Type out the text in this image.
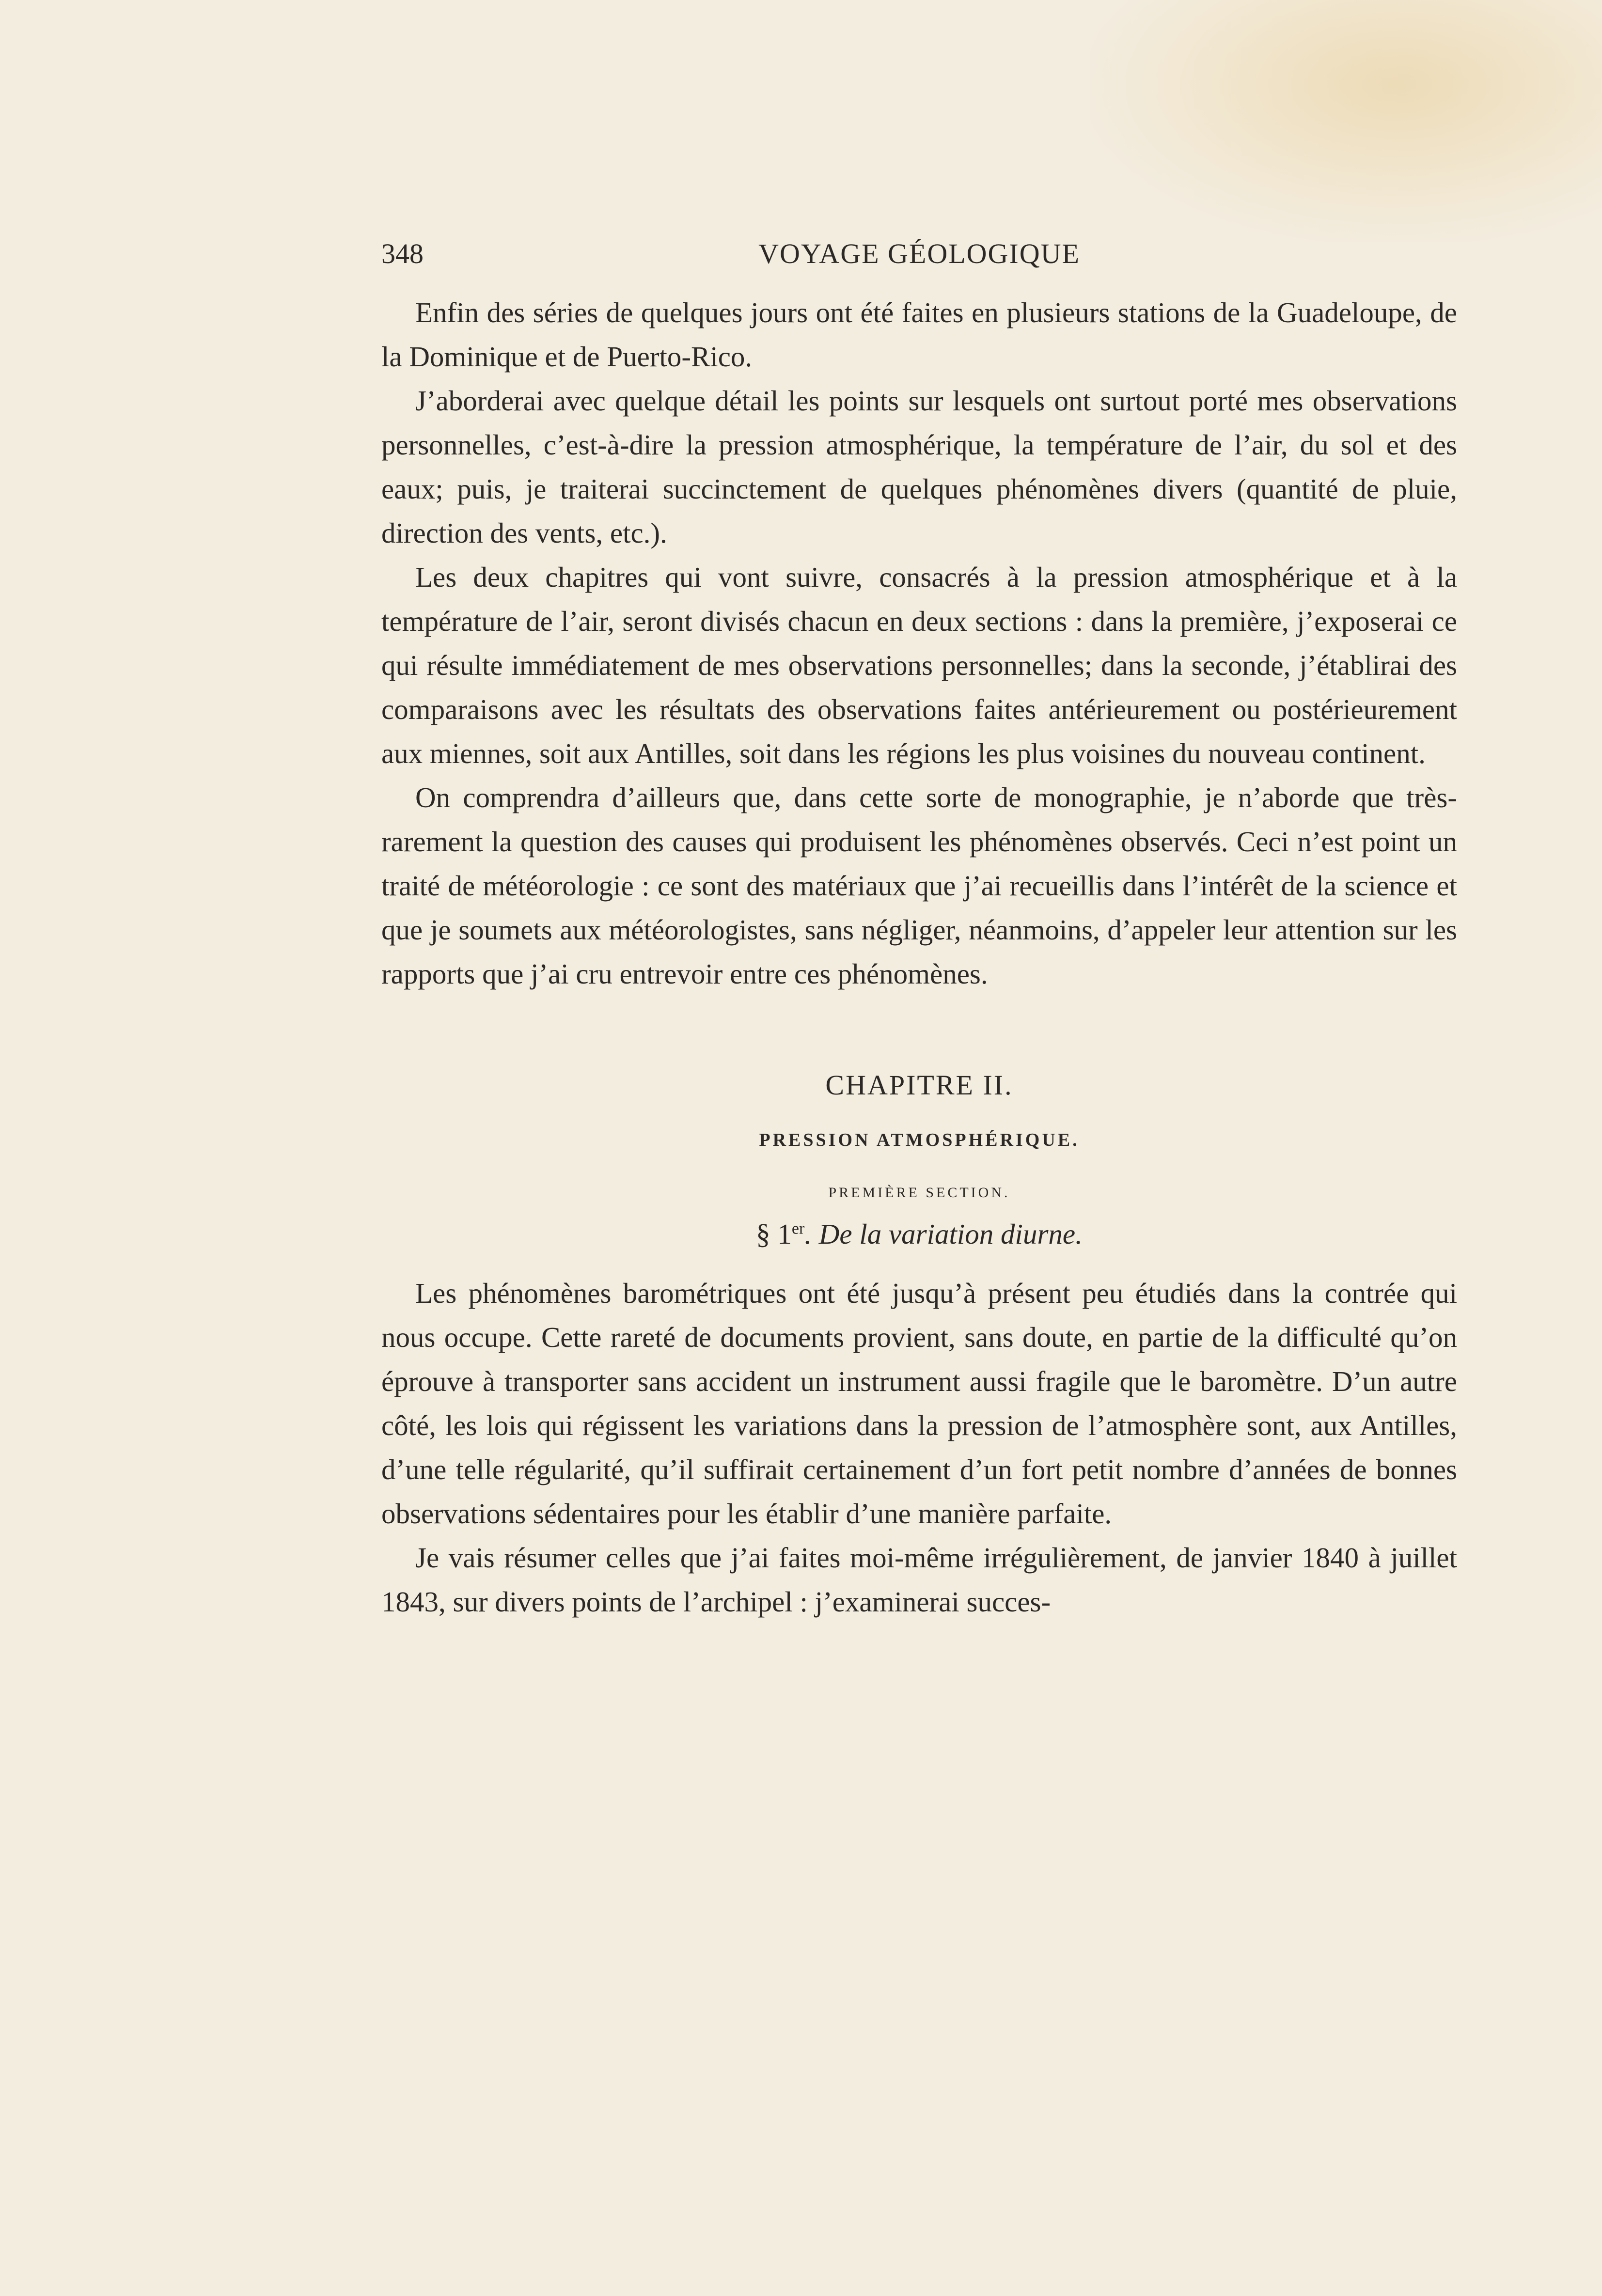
348	VOYAGE GÉOLOGIQUE

Enfin des séries de quelques jours ont été faites en plusieurs stations de la Guadeloupe, de la Dominique et de Puerto-Rico.

J’aborderai avec quelque détail les points sur lesquels ont surtout porté mes observations personnelles, c’est-à-dire la pression atmosphérique, la température de l’air, du sol et des eaux; puis, je traiterai succinctement de quelques phénomènes divers (quantité de pluie, direction des vents, etc.).

Les deux chapitres qui vont suivre, consacrés à la pression atmosphérique et à la température de l’air, seront divisés chacun en deux sections : dans la première, j’exposerai ce qui résulte immédiatement de mes observations personnelles; dans la seconde, j’établirai des comparaisons avec les résultats des observations faites antérieurement ou postérieurement aux miennes, soit aux Antilles, soit dans les régions les plus voisines du nouveau continent.

On comprendra d’ailleurs que, dans cette sorte de monographie, je n’aborde que très-rarement la question des causes qui produisent les phénomènes observés. Ceci n’est point un traité de météorologie : ce sont des matériaux que j’ai recueillis dans l’intérêt de la science et que je soumets aux météorologistes, sans négliger, néanmoins, d’appeler leur attention sur les rapports que j’ai cru entrevoir entre ces phénomènes.

CHAPITRE II.
PRESSION ATMOSPHÉRIQUE.
PREMIÈRE SECTION.
§ 1er. De la variation diurne.

Les phénomènes barométriques ont été jusqu’à présent peu étudiés dans la contrée qui nous occupe. Cette rareté de documents provient, sans doute, en partie de la difficulté qu’on éprouve à transporter sans accident un instrument aussi fragile que le baromètre. D’un autre côté, les lois qui régissent les variations dans la pression de l’atmosphère sont, aux Antilles, d’une telle régularité, qu’il suffirait certainement d’un fort petit nombre d’années de bonnes observations sédentaires pour les établir d’une manière parfaite.

Je vais résumer celles que j’ai faites moi-même irrégulièrement, de janvier 1840 à juillet 1843, sur divers points de l’archipel : j’examinerai succes-
